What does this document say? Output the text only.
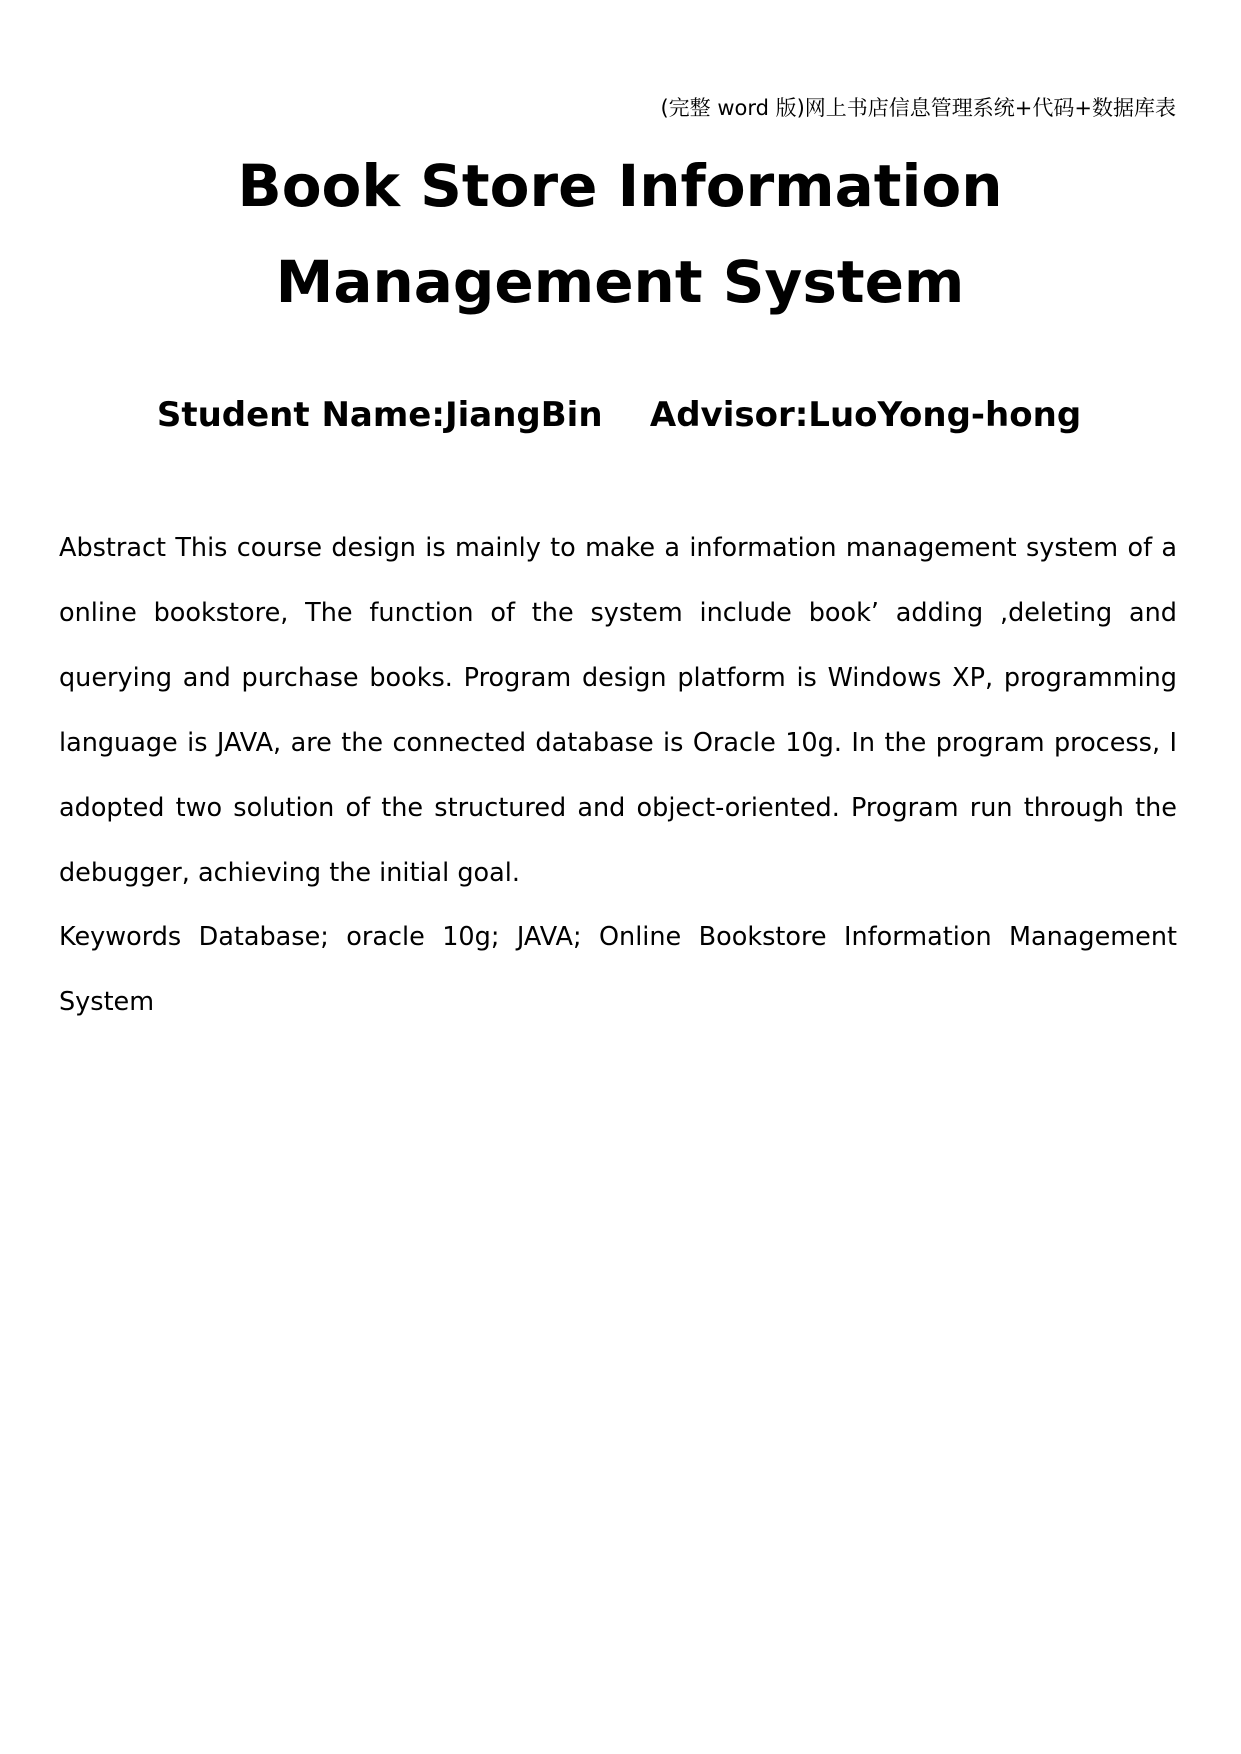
(完整 word 版)网上书店信息管理系统+代码+数据库表
Book Store Information Management System
Student Name:JiangBin    Advisor:LuoYong-hong

Abstract This course design is mainly to make a information management system of a online bookstore, The function of the system include book’ adding ,deleting and querying and purchase books. Program design platform is Windows XP, programming language is JAVA, are the connected database is Oracle 10g. In the program process, I adopted two solution of the structured and object-oriented. Program run through the debugger, achieving the initial goal.

Keywords Database; oracle 10g; JAVA; Online Bookstore Information Management System
